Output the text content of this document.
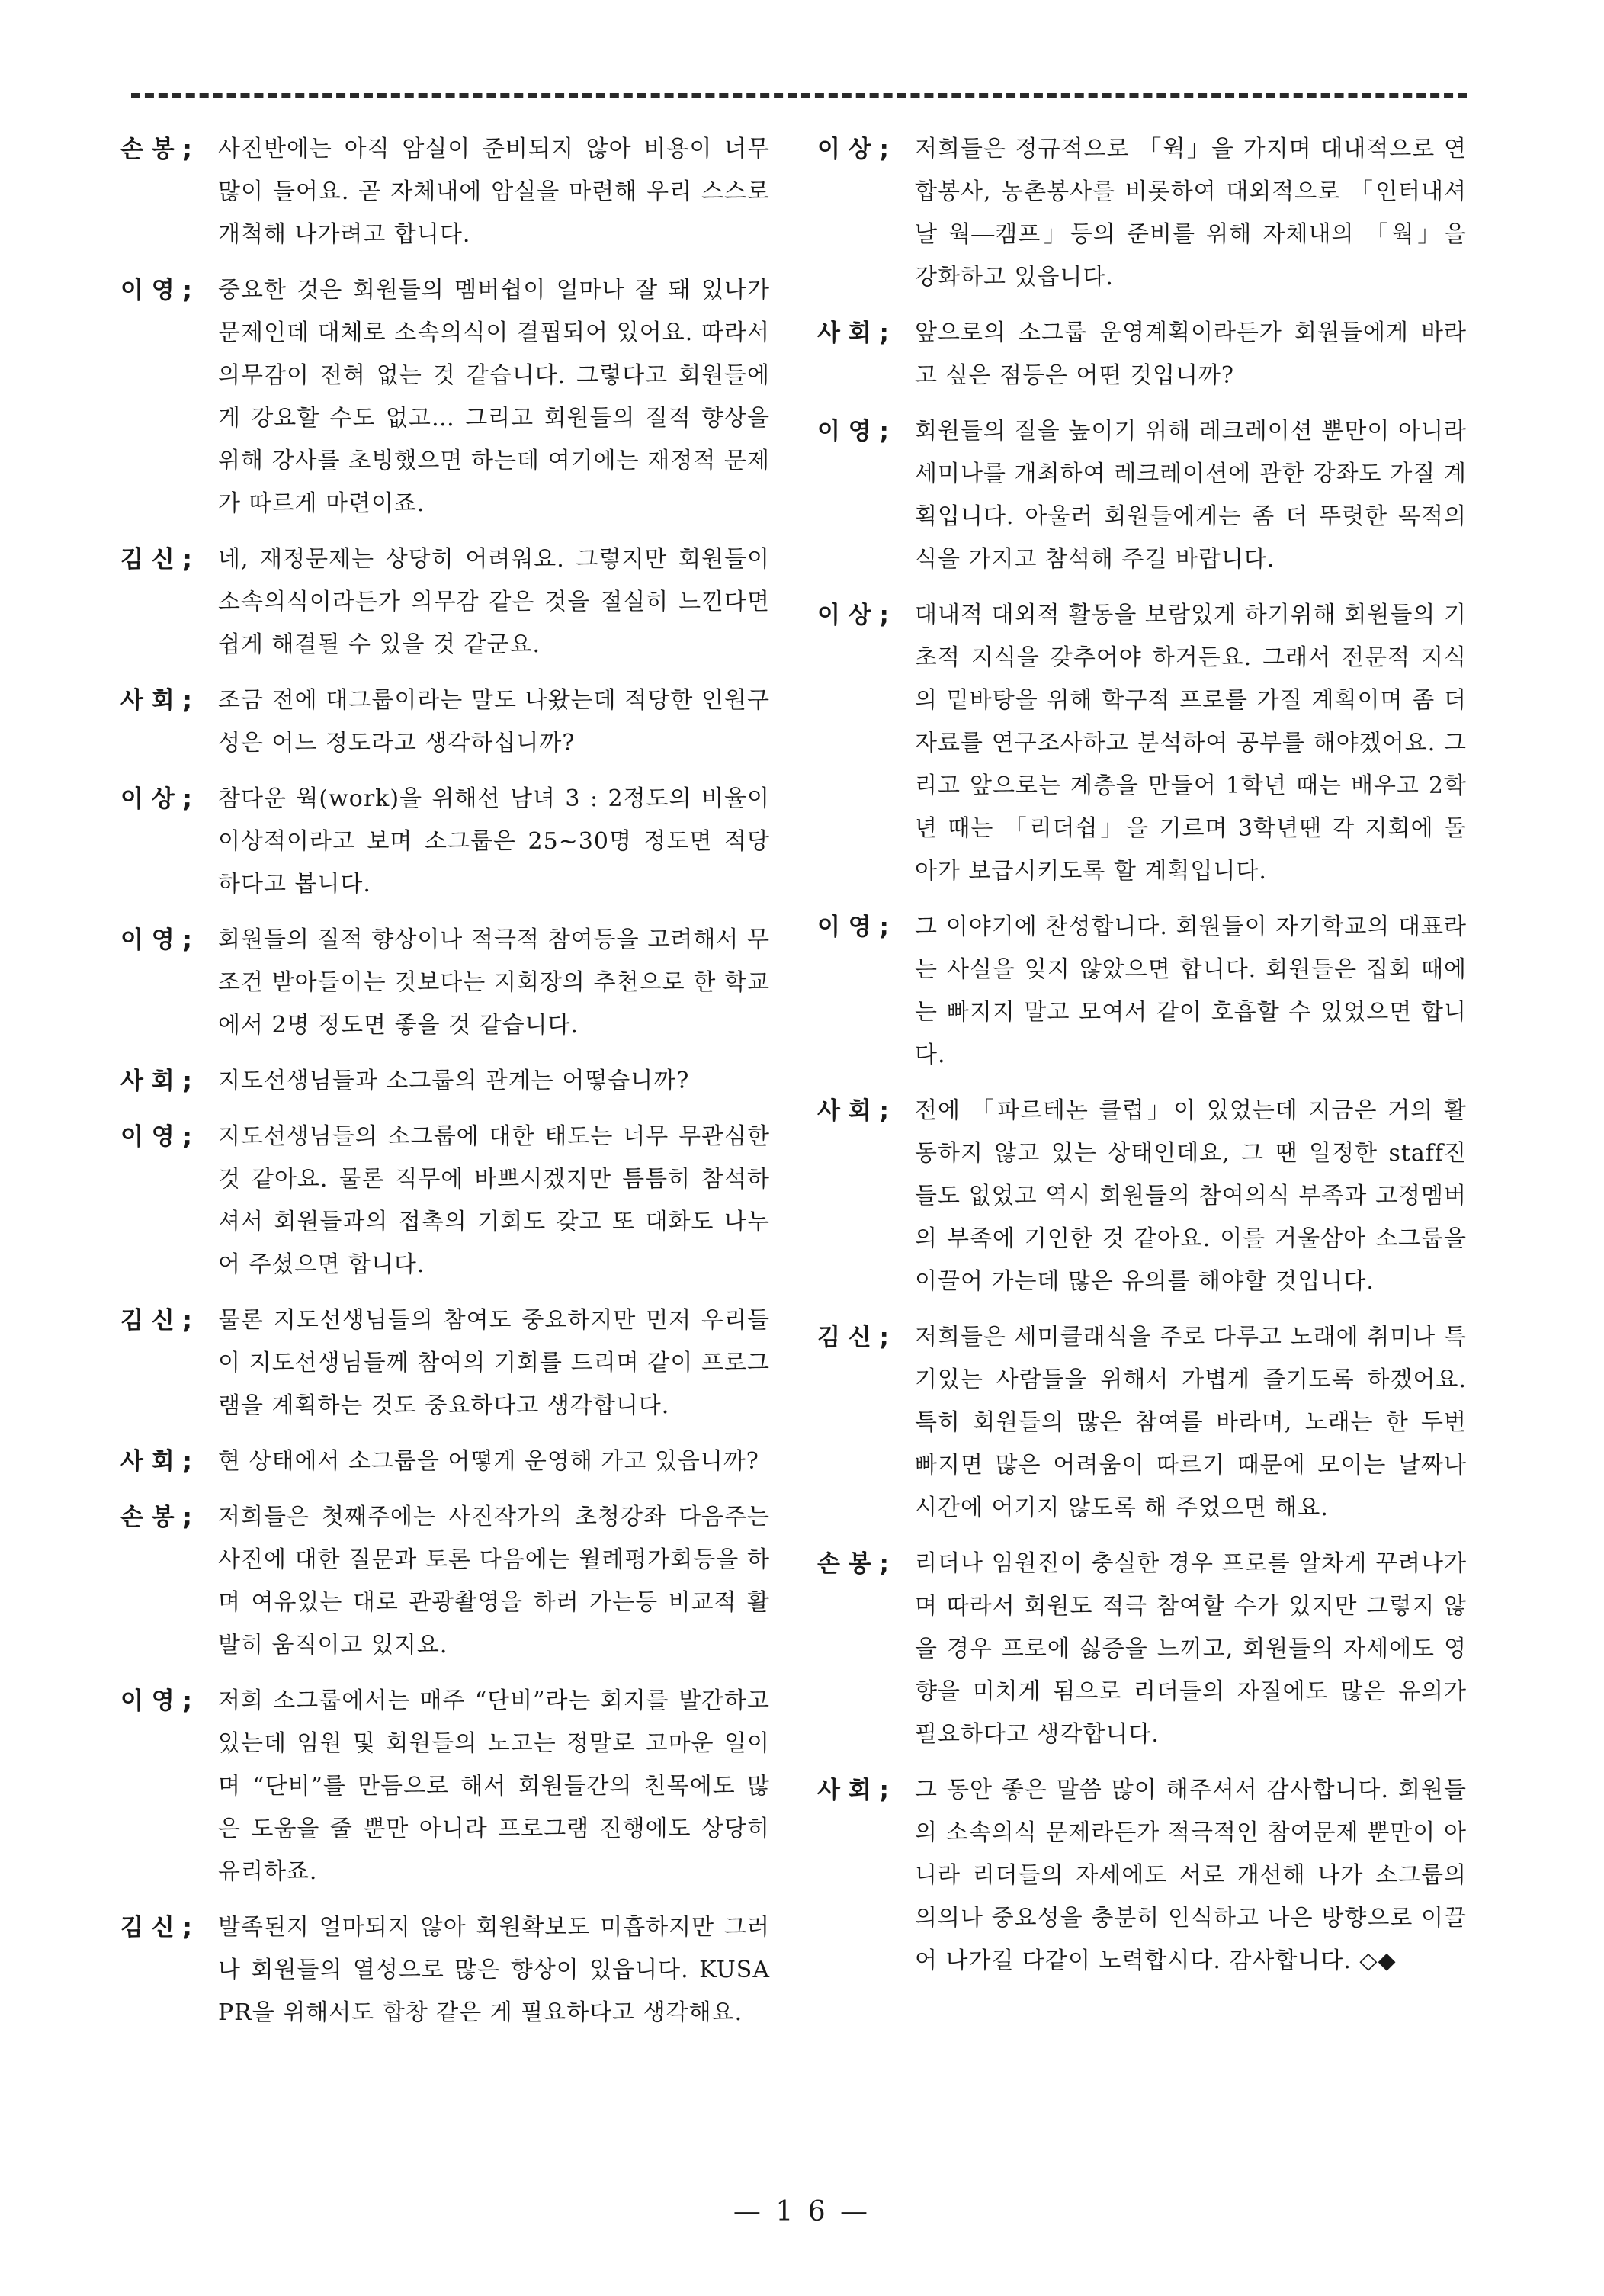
손 봉 ;	사진반에는 아직 암실이 준비되지 않아 비용이 너무 많이 들어요. 곧 자체내에 암실을 마련해 우리 스스로 개척해 나가려고 합니다.
이 영 ;	중요한 것은 회원들의 멤버쉽이 얼마나 잘 돼 있나가 문제인데 대체로 소속의식이 결핍되어 있어요. 따라서 의무감이 전혀 없는 것 같습니다. 그렇다고 회원들에게 강요할 수도 없고… 그리고 회원들의 질적 향상을 위해 강사를 초빙했으면 하는데 여기에는 재정적 문제가 따르게 마련이죠.
김 신 ;	네, 재정문제는 상당히 어려워요. 그렇지만 회원들이 소속의식이라든가 의무감 같은 것을 절실히 느낀다면 쉽게 해결될 수 있을 것 같군요.
사 회 ;	조금 전에 대그룹이라는 말도 나왔는데 적당한 인원구성은 어느 정도라고 생각하십니까?
이 상 ;	참다운 웍(work)을 위해선 남녀 3 : 2정도의 비율이 이상적이라고 보며 소그룹은 25~30명 정도면 적당하다고 봅니다.
이 영 ;	회원들의 질적 향상이나 적극적 참여등을 고려해서 무조건 받아들이는 것보다는 지회장의 추천으로 한 학교에서 2명 정도면 좋을 것 같습니다.
사 회 ;	지도선생님들과 소그룹의 관계는 어떻습니까?
이 영 ;	지도선생님들의 소그룹에 대한 태도는 너무 무관심한 것 같아요. 물론 직무에 바쁘시겠지만 틈틈히 참석하셔서 회원들과의 접촉의 기회도 갖고 또 대화도 나누어 주셨으면 합니다.
김 신 ;	물론 지도선생님들의 참여도 중요하지만 먼저 우리들이 지도선생님들께 참여의 기회를 드리며 같이 프로그램을 계획하는 것도 중요하다고 생각합니다.
사 회 ;	현 상태에서 소그룹을 어떻게 운영해 가고 있읍니까?
손 봉 ;	저희들은 첫째주에는 사진작가의 초청강좌 다음주는 사진에 대한 질문과 토론 다음에는 월례평가회등을 하며 여유있는 대로 관광촬영을 하러 가는등 비교적 활발히 움직이고 있지요.
이 영 ;	저희 소그룹에서는 매주 “단비”라는 회지를 발간하고 있는데 임원 및 회원들의 노고는 정말로 고마운 일이며 “단비”를 만듬으로 해서 회원들간의 친목에도 많은 도움을 줄 뿐만 아니라 프로그램 진행에도 상당히 유리하죠.
김 신 ;	발족된지 얼마되지 않아 회원확보도 미흡하지만 그러나 회원들의 열성으로 많은 향상이 있읍니다. KUSA PR을 위해서도 합창 같은 게 필요하다고 생각해요.
이 상 ;	저희들은 정규적으로 「웍」을 가지며 대내적으로 연합봉사, 농촌봉사를 비롯하여 대외적으로 「인터내셔날 웍―캠프」등의 준비를 위해 자체내의 「웍」을 강화하고 있읍니다.
사 회 ;	앞으로의 소그룹 운영계획이라든가 회원들에게 바라고 싶은 점등은 어떤 것입니까?
이 영 ;	회원들의 질을 높이기 위해 레크레이션 뿐만이 아니라 세미나를 개최하여 레크레이션에 관한 강좌도 가질 계획입니다. 아울러 회원들에게는 좀 더 뚜렷한 목적의식을 가지고 참석해 주길 바랍니다.
이 상 ;	대내적 대외적 활동을 보람있게 하기위해 회원들의 기초적 지식을 갖추어야 하거든요. 그래서 전문적 지식의 밑바탕을 위해 학구적 프로를 가질 계획이며 좀 더 자료를 연구조사하고 분석하여 공부를 해야겠어요. 그리고 앞으로는 계층을 만들어 1학년 때는 배우고 2학년 때는 「리더쉽」을 기르며 3학년땐 각 지회에 돌아가 보급시키도록 할 계획입니다.
이 영 ;	그 이야기에 찬성합니다. 회원들이 자기학교의 대표라는 사실을 잊지 않았으면 합니다. 회원들은 집회 때에는 빠지지 말고 모여서 같이 호흡할 수 있었으면 합니다.
사 회 ;	전에 「파르테논 클럽」이 있었는데 지금은 거의 활동하지 않고 있는 상태인데요, 그 땐 일정한 staff진들도 없었고 역시 회원들의 참여의식 부족과 고정멤버의 부족에 기인한 것 같아요. 이를 거울삼아 소그룹을 이끌어 가는데 많은 유의를 해야할 것입니다.
김 신 ;	저희들은 세미클래식을 주로 다루고 노래에 취미나 특기있는 사람들을 위해서 가볍게 즐기도록 하겠어요. 특히 회원들의 많은 참여를 바라며, 노래는 한 두번 빠지면 많은 어려움이 따르기 때문에 모이는 날짜나 시간에 어기지 않도록 해 주었으면 해요.
손 봉 ;	리더나 임원진이 충실한 경우 프로를 알차게 꾸려나가며 따라서 회원도 적극 참여할 수가 있지만 그렇지 않을 경우 프로에 싫증을 느끼고, 회원들의 자세에도 영향을 미치게 됨으로 리더들의 자질에도 많은 유의가 필요하다고 생각합니다.
사 회 ;	그 동안 좋은 말씀 많이 해주셔서 감사합니다. 회원들의 소속의식 문제라든가 적극적인 참여문제 뿐만이 아니라 리더들의 자세에도 서로 개선해 나가 소그룹의 의의나 중요성을 충분히 인식하고 나은 방향으로 이끌어 나가길 다같이 노력합시다. 감사합니다. ◇◆
— 1 6 —
